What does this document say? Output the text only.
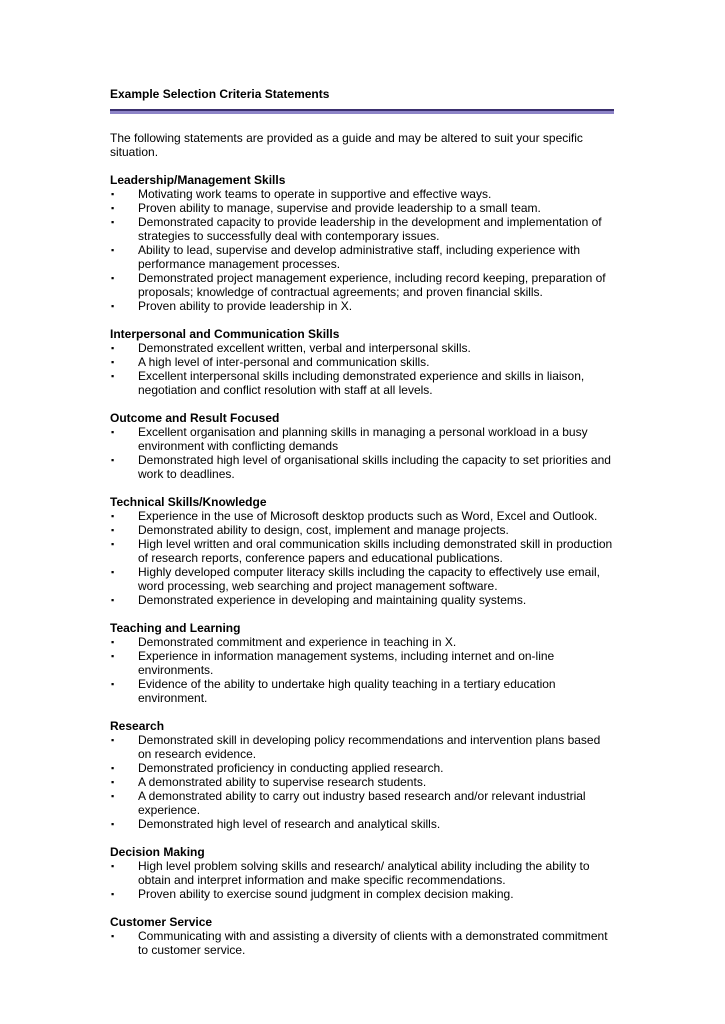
Example Selection Criteria Statements

The following statements are provided as a guide and may be altered to suit your specific situation.

Leadership/Management Skills
▪ Motivating work teams to operate in supportive and effective ways.
▪ Proven ability to manage, supervise and provide leadership to a small team.
▪ Demonstrated capacity to provide leadership in the development and implementation of strategies to successfully deal with contemporary issues.
▪ Ability to lead, supervise and develop administrative staff, including experience with performance management processes.
▪ Demonstrated project management experience, including record keeping, preparation of proposals; knowledge of contractual agreements; and proven financial skills.
▪ Proven ability to provide leadership in X.
Interpersonal and Communication Skills
▪ Demonstrated excellent written, verbal and interpersonal skills.
▪ A high level of inter-personal and communication skills.
▪ Excellent interpersonal skills including demonstrated experience and skills in liaison, negotiation and conflict resolution with staff at all levels.
Outcome and Result Focused
▪ Excellent organisation and planning skills in managing a personal workload in a busy environment with conflicting demands
▪ Demonstrated high level of organisational skills including the capacity to set priorities and work to deadlines.
Technical Skills/Knowledge
▪ Experience in the use of Microsoft desktop products such as Word, Excel and Outlook.
▪ Demonstrated ability to design, cost, implement and manage projects.
▪ High level written and oral communication skills including demonstrated skill in production of research reports, conference papers and educational publications.
▪ Highly developed computer literacy skills including the capacity to effectively use email, word processing, web searching and project management software.
▪ Demonstrated experience in developing and maintaining quality systems.
Teaching and Learning
▪ Demonstrated commitment and experience in teaching in X.
▪ Experience in information management systems, including internet and on-line environments.
▪ Evidence of the ability to undertake high quality teaching in a tertiary education environment.
Research
▪ Demonstrated skill in developing policy recommendations and intervention plans based on research evidence.
▪ Demonstrated proficiency in conducting applied research.
▪ A demonstrated ability to supervise research students.
▪ A demonstrated ability to carry out industry based research and/or relevant industrial experience.
▪ Demonstrated high level of research and analytical skills.
Decision Making
▪ High level problem solving skills and research/ analytical ability including the ability to obtain and interpret information and make specific recommendations.
▪ Proven ability to exercise sound judgment in complex decision making.
Customer Service
▪ Communicating with and assisting a diversity of clients with a demonstrated commitment to customer service.
